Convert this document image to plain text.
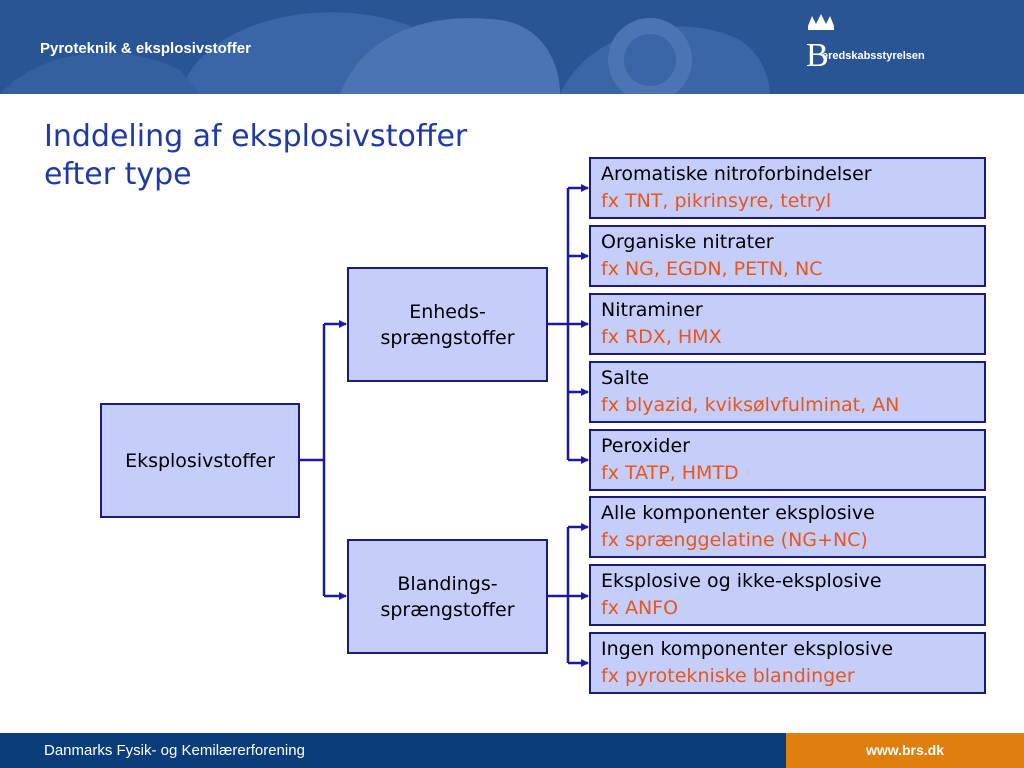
Pyroteknik & eksplosivstoffer	B
eredskabsstyrelsen
Inddeling af eksplosivstoffer
efter type
Eksplosivstoffer
Enheds-
sprængstoffer
Blandings-
sprængstoffer
Aromatiske nitroforbindelser
fx TNT, pikrinsyre, tetryl
Organiske nitrater
fx NG, EGDN, PETN, NC
Nitraminer
fx RDX, HMX
Salte
fx blyazid, kviksølvfulminat, AN
Peroxider
fx TATP, HMTD
Alle komponenter eksplosive
fx sprænggelatine (NG+NC)
Eksplosive og ikke-eksplosive
fx ANFO
Ingen komponenter eksplosive
fx pyrotekniske blandinger
Danmarks Fysik- og Kemilærerforening	www.brs.dk
